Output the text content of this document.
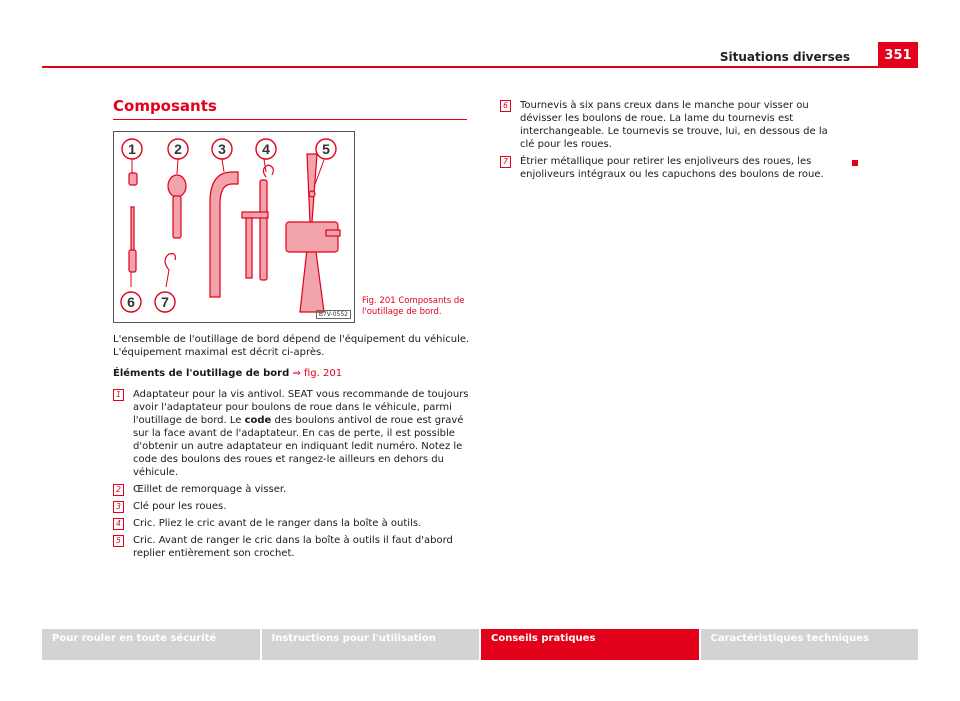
Situations diverses	351
Composants
1	2	3	4	5
6 7
B7V-0552
Fig. 201 Composants de l'outillage de bord.

L'ensemble de l'outillage de bord dépend de l'équipement du véhicule. L'équipement maximal est décrit ci-après.

Éléments de l'outillage de bord ⇒ fig. 201

1	Adaptateur pour la vis antivol. SEAT vous recommande de toujours avoir l'adaptateur pour boulons de roue dans le véhicule, parmi l'outillage de bord. Le code des boulons antivol de roue est gravé sur la face avant de l'adaptateur. En cas de perte, il est possible d'obtenir un autre adaptateur en indiquant ledit numéro. Notez le code des boulons des roues et rangez-le ailleurs en dehors du véhicule.
2	Œillet de remorquage à visser.
3	Clé pour les roues.
4	Cric. Pliez le cric avant de le ranger dans la boîte à outils.
5	Cric. Avant de ranger le cric dans la boîte à outils il faut d'abord replier entièrement son crochet.
6	Tournevis à six pans creux dans le manche pour visser ou dévisser les boulons de roue. La lame du tournevis est interchangeable. Le tournevis se trouve, lui, en dessous de la clé pour les roues.
7	Étrier métallique pour retirer les enjoliveurs des roues, les enjoliveurs intégraux ou les capuchons des boulons de roue.
Pour rouler en toute sécurité	Instructions pour l'utilisation	Conseils pratiques	Caractéristiques techniques
